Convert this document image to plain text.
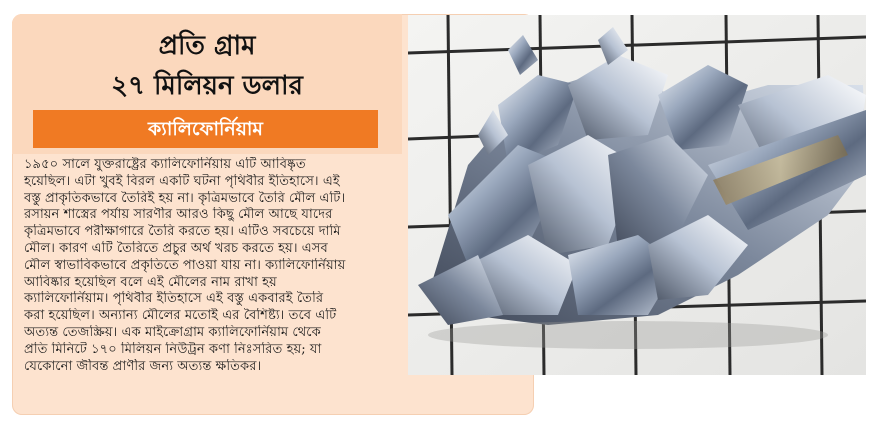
প্রতি গ্রাম
২৭ মিলিয়ন ডলার
ক্যালিফোর্নিয়াম
১৯৫০ সালে যুক্তরাষ্ট্রের ক্যালিফোর্নিয়ায় এটি আবিষ্কৃত
হয়েছিল। এটা খুবই বিরল একটি ঘটনা পৃথিবীর ইতিহাসে। এই
বস্তু প্রাকৃতিকভাবে তৈরিই হয় না। কৃত্রিমভাবে তৈরি মৌল এটি।
রসায়ন শাস্ত্রের পর্যায় সারণীর আরও কিছু মৌল আছে যাদের
কৃত্রিমভাবে পরীক্ষাগারে তৈরি করতে হয়। এটিও সবচেয়ে দামি
মৌল। কারণ এটি তৈরিতে প্রচুর অর্থ খরচ করতে হয়। এসব
মৌল স্বাভাবিকভাবে প্রকৃতিতে পাওয়া যায় না। ক্যালিফোর্নিয়ায়
আবিষ্কার হয়েছিল বলে এই মৌলের নাম রাখা হয়
ক্যালিফোর্নিয়াম। পৃথিবীর ইতিহাসে এই বস্তু একবারই তৈরি
করা হয়েছিল। অন্যান্য মৌলের মতোই এর বৈশিষ্ট্য। তবে এটি
অত্যন্ত তেজস্ক্রিয়। এক মাইক্রোগ্রাম ক্যালিফোর্নিয়াম থেকে
প্রতি মিনিটে ১৭০ মিলিয়ন নিউট্রন কণা নিঃসরিত হয়; যা
যেকোনো জীবন্ত প্রাণীর জন্য অত্যন্ত ক্ষতিকর।
